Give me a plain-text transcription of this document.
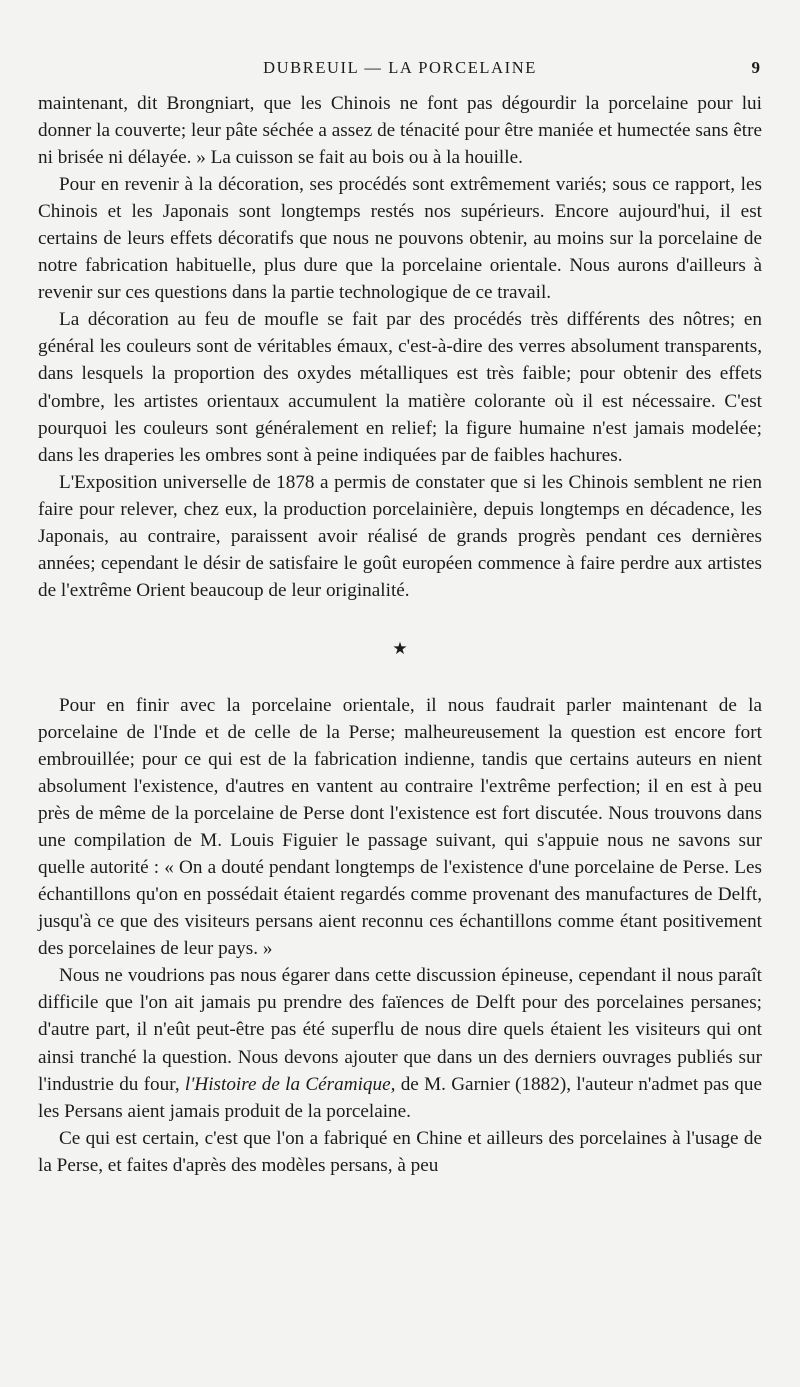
DUBREUIL — LA PORCELAINE	9

maintenant, dit Brongniart, que les Chinois ne font pas dégourdir la porcelaine pour lui donner la couverte; leur pâte séchée a assez de ténacité pour être maniée et humectée sans être ni brisée ni délayée. » La cuisson se fait au bois ou à la houille.

Pour en revenir à la décoration, ses procédés sont extrêmement variés; sous ce rapport, les Chinois et les Japonais sont longtemps restés nos supérieurs. Encore aujourd'hui, il est certains de leurs effets décoratifs que nous ne pouvons obtenir, au moins sur la porcelaine de notre fabrication habituelle, plus dure que la porcelaine orientale. Nous aurons d'ailleurs à revenir sur ces questions dans la partie technologique de ce travail.

La décoration au feu de moufle se fait par des procédés très différents des nôtres; en général les couleurs sont de véritables émaux, c'est-à-dire des verres absolument transparents, dans lesquels la proportion des oxydes métalliques est très faible; pour obtenir des effets d'ombre, les artistes orientaux accumulent la matière colorante où il est nécessaire. C'est pourquoi les couleurs sont généralement en relief; la figure humaine n'est jamais modelée; dans les draperies les ombres sont à peine indiquées par de faibles hachures.

L'Exposition universelle de 1878 a permis de constater que si les Chinois semblent ne rien faire pour relever, chez eux, la production porcelainière, depuis longtemps en décadence, les Japonais, au contraire, paraissent avoir réalisé de grands progrès pendant ces dernières années; cependant le désir de satisfaire le goût européen commence à faire perdre aux artistes de l'extrême Orient beaucoup de leur originalité.

★

Pour en finir avec la porcelaine orientale, il nous faudrait parler maintenant de la porcelaine de l'Inde et de celle de la Perse; malheureusement la question est encore fort embrouillée; pour ce qui est de la fabrication indienne, tandis que certains auteurs en nient absolument l'existence, d'autres en vantent au contraire l'extrême perfection; il en est à peu près de même de la porcelaine de Perse dont l'existence est fort discutée. Nous trouvons dans une compilation de M. Louis Figuier le passage suivant, qui s'appuie nous ne savons sur quelle autorité : « On a douté pendant longtemps de l'existence d'une porcelaine de Perse. Les échantillons qu'on en possédait étaient regardés comme provenant des manufactures de Delft, jusqu'à ce que des visiteurs persans aient reconnu ces échantillons comme étant positivement des porcelaines de leur pays. »

Nous ne voudrions pas nous égarer dans cette discussion épineuse, cependant il nous paraît difficile que l'on ait jamais pu prendre des faïences de Delft pour des porcelaines persanes; d'autre part, il n'eût peut-être pas été superflu de nous dire quels étaient les visiteurs qui ont ainsi tranché la question. Nous devons ajouter que dans un des derniers ouvrages publiés sur l'industrie du four, l'Histoire de la Céramique, de M. Garnier (1882), l'auteur n'admet pas que les Persans aient jamais produit de la porcelaine.

Ce qui est certain, c'est que l'on a fabriqué en Chine et ailleurs des porcelaines à l'usage de la Perse, et faites d'après des modèles persans, à peu
